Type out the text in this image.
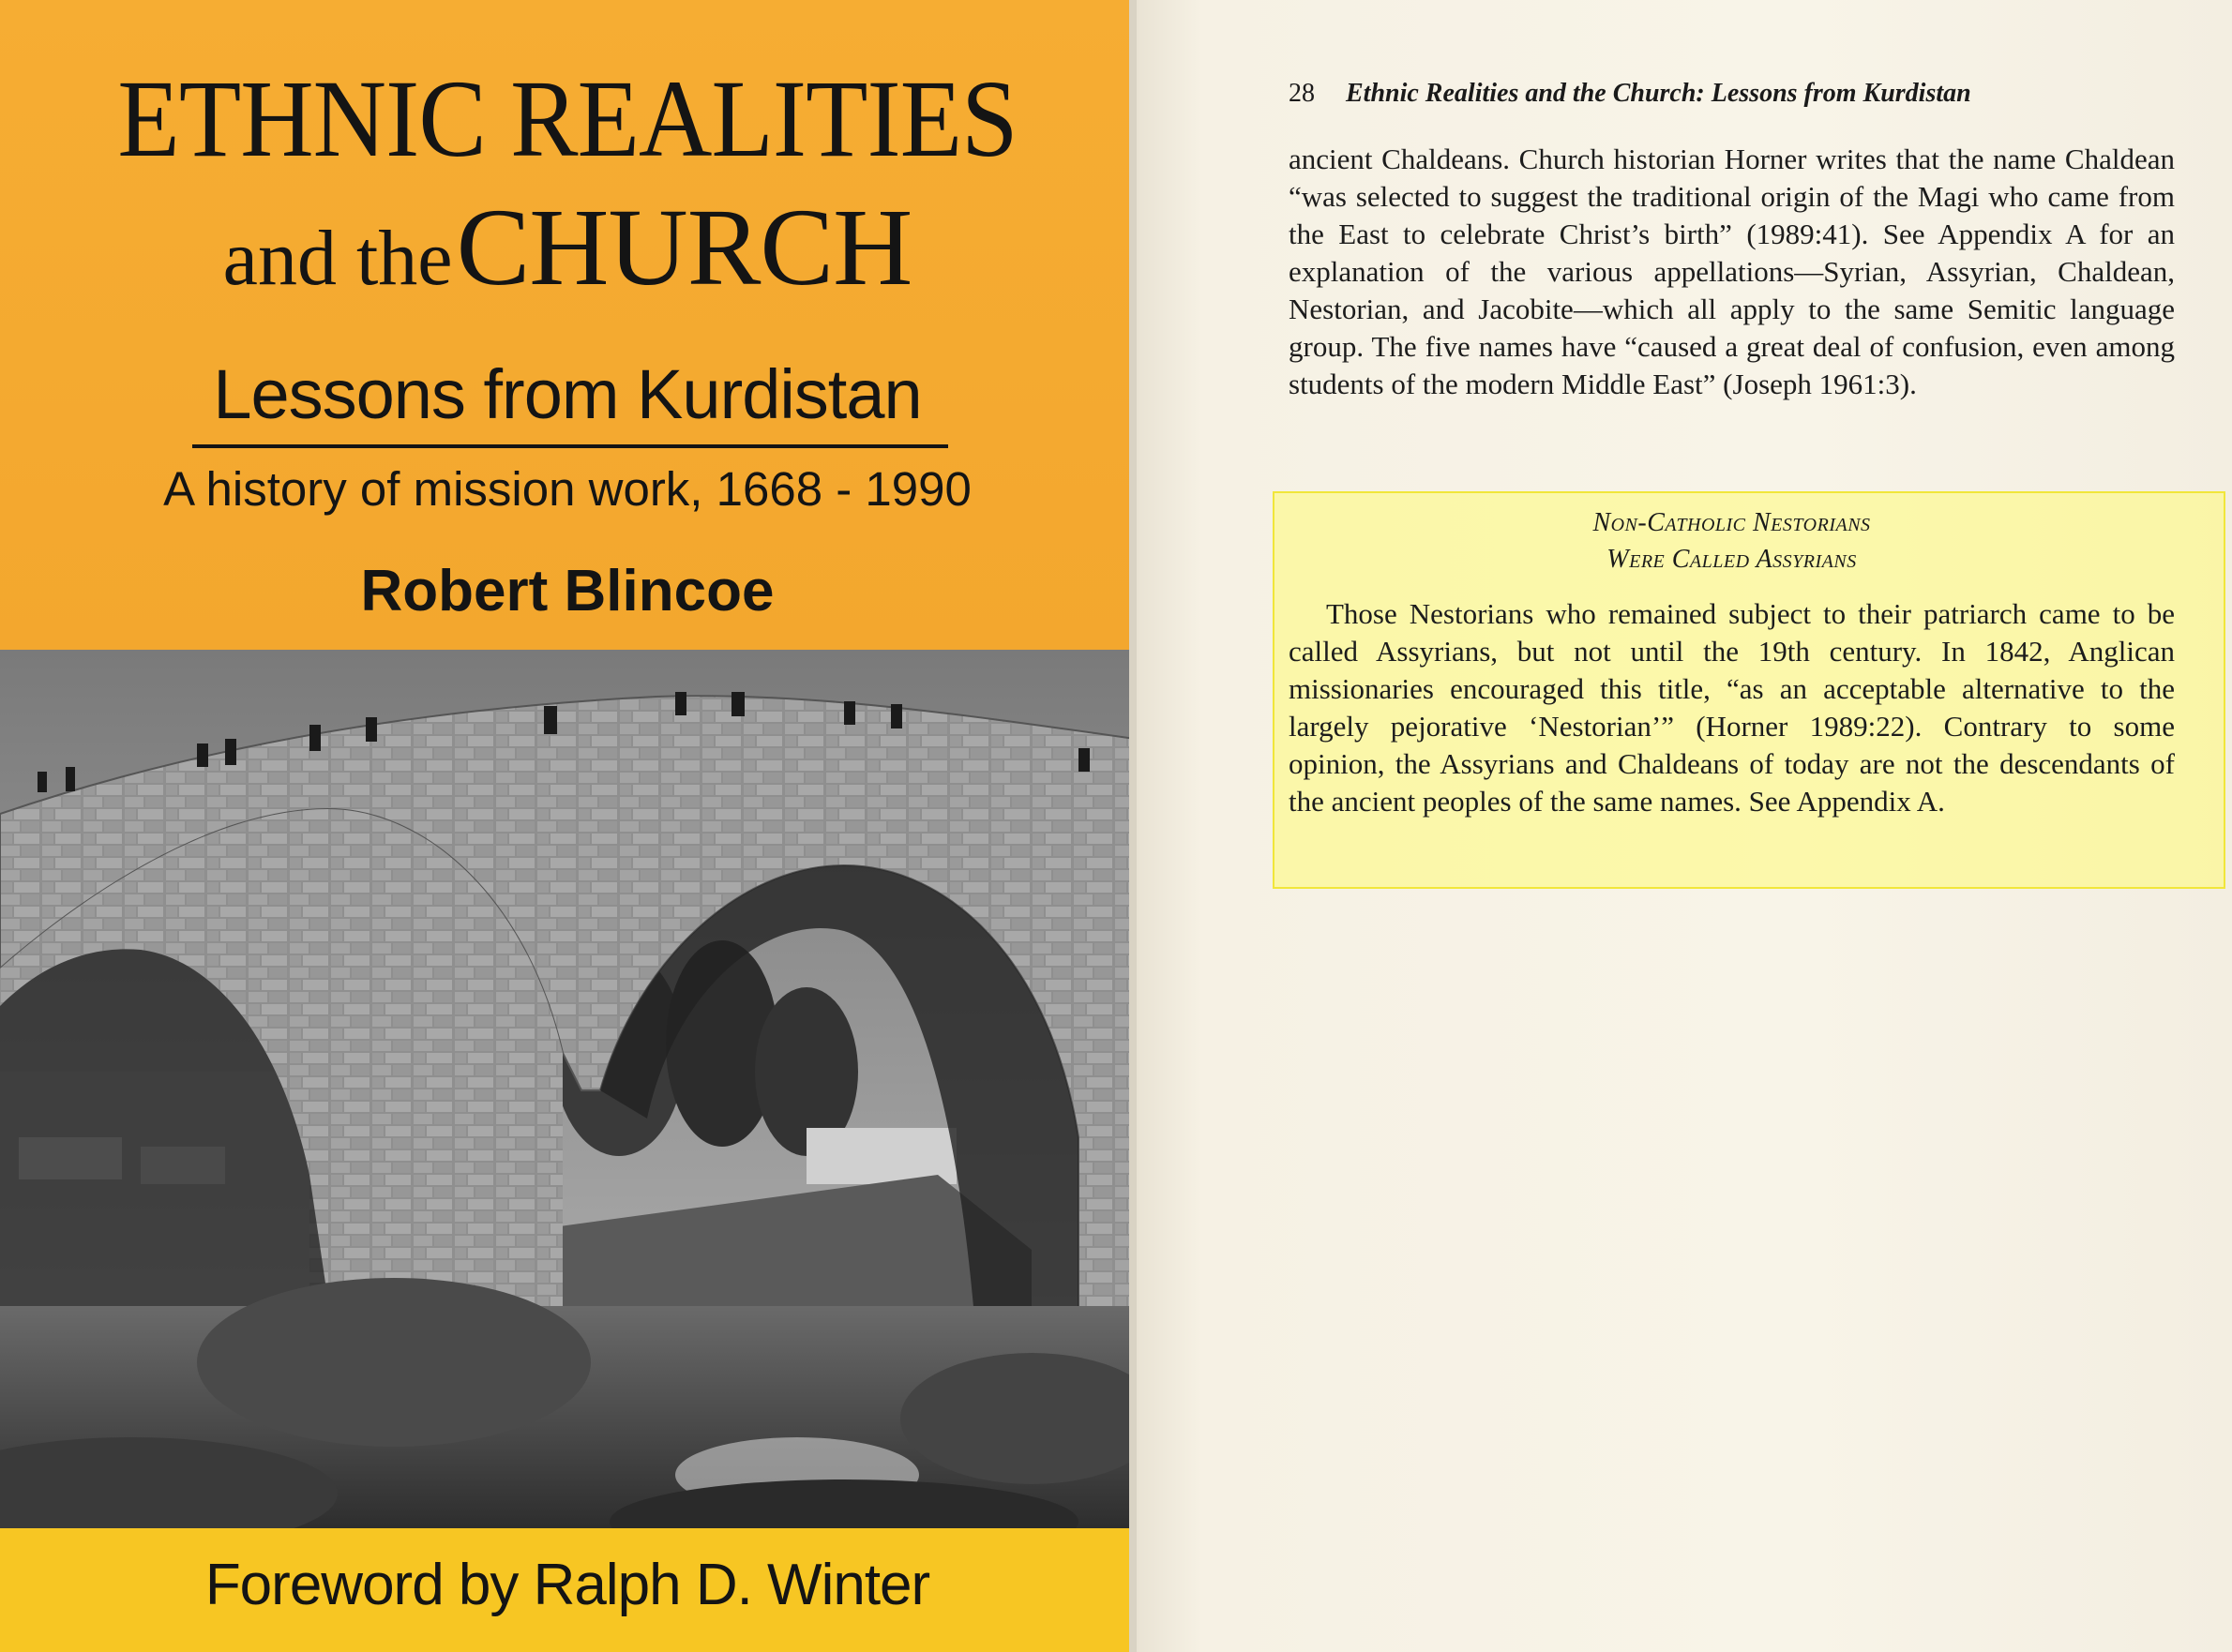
ETHNIC REALITIES
and the CHURCH
Lessons from Kurdistan
A history of mission work, 1668 - 1990
Robert Blincoe
Foreword by Ralph D. Winter

28 Ethnic Realities and the Church: Lessons from Kurdistan

ancient Chaldeans. Church historian Horner writes that the name Chaldean “was selected to suggest the traditional origin of the Magi who came from the East to celebrate Christ’s birth” (1989:41). See Appendix A for an explanation of the various appellations—Syrian, Assyrian, Chaldean, Nestorian, and Jacobite—which all apply to the same Semitic language group. The five names have “caused a great deal of confusion, even among students of the modern Middle East” (Joseph 1961:3).

Non-Catholic Nestorians
Were Called Assyrians

Those Nestorians who remained subject to their patriarch came to be called Assyrians, but not until the 19th century. In 1842, Anglican missionaries encouraged this title, “as an acceptable alternative to the largely pejorative ‘Nestorian’” (Horner 1989:22). Contrary to some opinion, the Assyrians and Chaldeans of today are not the descendants of the ancient peoples of the same names. See Appendix A.
